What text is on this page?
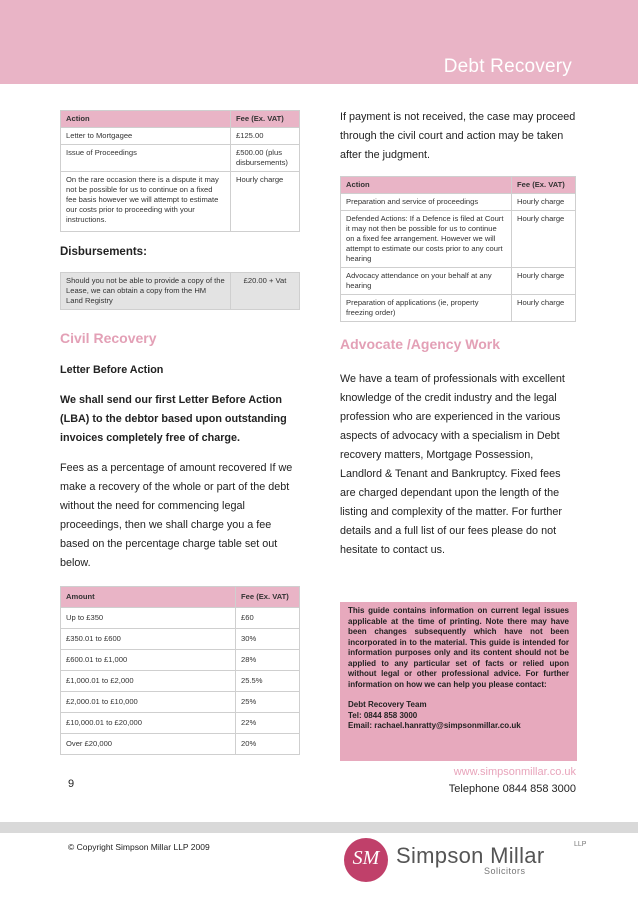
Debt Recovery
Action	Fee (Ex. VAT)
Letter to Mortgagee	£125.00
Issue of Proceedings	£500.00 (plus disbursements)
On the rare occasion there is a dispute it may not be possible for us to continue on a fixed fee basis however we will attempt to estimate our costs prior to proceeding with your instructions.	Hourly charge
Disbursements:
Should you not be able to provide a copy of the Lease, we can obtain a copy from the HM Land Registry	£20.00 + Vat
Civil Recovery
Letter Before Action
We shall send our first Letter Before Action (LBA) to the debtor based upon outstanding invoices completely free of charge.
Fees as a percentage of amount recovered If we make a recovery of the whole or part of the debt without the need for commencing legal proceedings, then we shall charge you a fee based on the percentage charge table set out below.
Amount	Fee (Ex. VAT)
Up to £350	£60
£350.01 to £600	30%
£600.01 to £1,000	28%
£1,000.01 to £2,000	25.5%
£2,000.01 to £10,000	25%
£10,000.01 to £20,000	22%
Over £20,000	20%
If payment is not received, the case may proceed through the civil court and action may be taken after the judgment.
Action	Fee (Ex. VAT)
Preparation and service of proceedings	Hourly charge
Defended Actions: If a Defence is filed at Court it may not then be possible for us to continue on a fixed fee arrangement. However we will attempt to estimate our costs prior to any court hearing	Hourly charge
Advocacy attendance on your behalf at any hearing	Hourly charge
Preparation of applications (ie, property freezing order)	Hourly charge
Advocate /Agency Work
We have a team of professionals with excellent knowledge of the credit industry and the legal profession who are experienced in the various aspects of advocacy with a specialism in Debt recovery matters, Mortgage Possession, Landlord & Tenant and Bankruptcy. Fixed fees are charged dependant upon the length of the listing and complexity of the matter. For further details and a full list of our fees please do not hesitate to contact us.

This guide contains information on current legal issues applicable at the time of printing. Note there may have been changes subsequently which have not been incorporated in to the material. This guide is intended for information purposes only and its content should not be applied to any particular set of facts or relied upon without legal or other professional advice. For further information on how we can help you please contact:

Debt Recovery Team

Tel: 0844 858 3000

Email: rachael.hanratty@simpsonmillar.co.uk

9
www.simpsonmillar.co.uk
Telephone 0844 858 3000
© Copyright Simpson Millar LLP 2009	SM Simpson Millar	LLP
Solicitors
